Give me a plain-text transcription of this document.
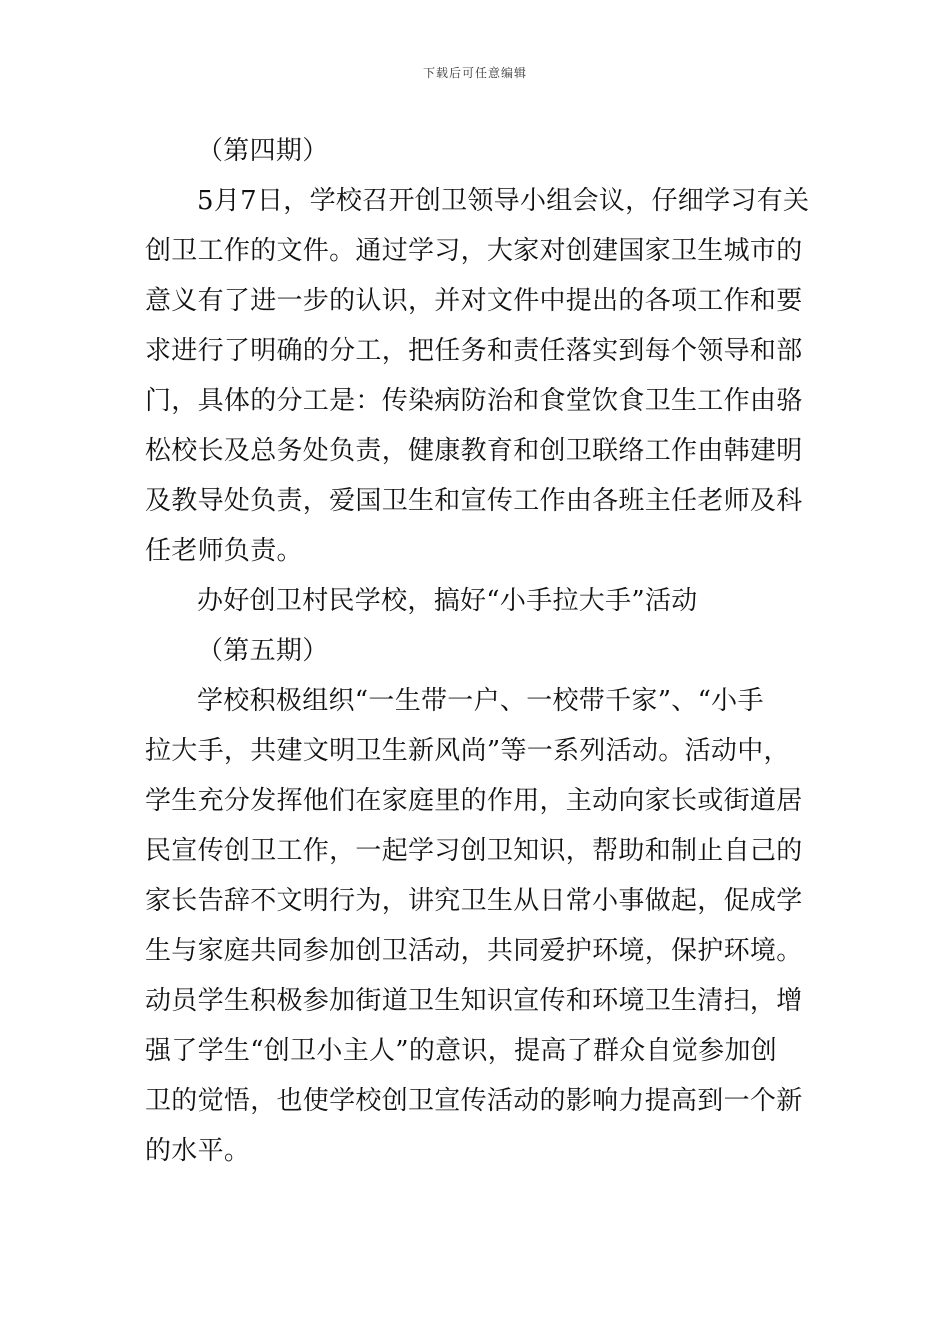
下载后可任意编辑
（第四期）
5月7日，学校召开创卫领导小组会议，仔细学习有关
创卫工作的文件。通过学习，大家对创建国家卫生城市的
意义有了进一步的认识，并对文件中提出的各项工作和要
求进行了明确的分工，把任务和责任落实到每个领导和部
门，具体的分工是：传染病防治和食堂饮食卫生工作由骆
松校长及总务处负责，健康教育和创卫联络工作由韩建明
及教导处负责，爱国卫生和宣传工作由各班主任老师及科
任老师负责。
办好创卫村民学校，搞好“小手拉大手”活动
（第五期）
学校积极组织“一生带一户、一校带千家”、“小手
拉大手，共建文明卫生新风尚”等一系列活动。活动中，
学生充分发挥他们在家庭里的作用，主动向家长或街道居
民宣传创卫工作，一起学习创卫知识，帮助和制止自己的
家长告辞不文明行为，讲究卫生从日常小事做起，促成学
生与家庭共同参加创卫活动，共同爱护环境，保护环境。
动员学生积极参加街道卫生知识宣传和环境卫生清扫，增
强了学生“创卫小主人”的意识，提高了群众自觉参加创
卫的觉悟，也使学校创卫宣传活动的影响力提高到一个新
的水平。
